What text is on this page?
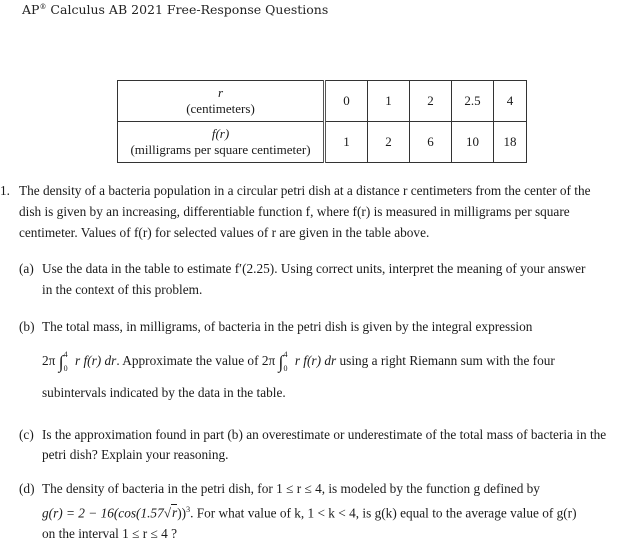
AP® Calculus AB 2021 Free-Response Questions
r
(centimeters)	0	1	2	2.5	4
f(r)
(milligrams per square centimeter)	1	2	6	10	18
1. The density of a bacteria population in a circular petri dish at a distance r centimeters from the center of the
dish is given by an increasing, differentiable function f, where f(r) is measured in milligrams per square
centimeter. Values of f(r) for selected values of r are given in the table above.
(a) Use the data in the table to estimate f′(2.25). Using correct units, interpret the meaning of your answer
in the context of this problem.
(b) The total mass, in milligrams, of bacteria in the petri dish is given by the integral expression
2π ∫ 4
0
r f(r) dr. Approximate the value of 2π ∫ 4
0
r f(r) dr using a right Riemann sum with the four
subintervals indicated by the data in the table.
(c) Is the approximation found in part (b) an overestimate or underestimate of the total mass of bacteria in the
petri dish? Explain your reasoning.
(d) The density of bacteria in the petri dish, for 1 ≤ r ≤ 4, is modeled by the function g defined by
$g(r) = 2 - 16(\cos(1.57√r))^3$. For what value of k, 1 < k < 4, is g(k) equal to the average value of g(r)
on the interval 1 ≤ r ≤ 4 ?
